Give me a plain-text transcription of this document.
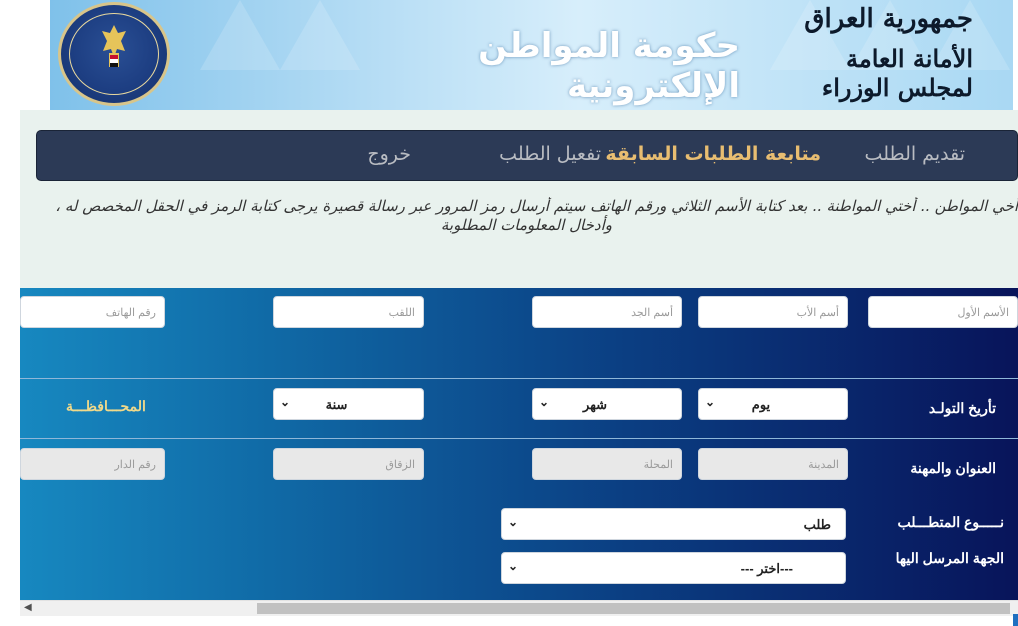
حكومة المواطن الإلكترونية
جمهورية العراق
الأمانة العامة لمجلس الوزراء
تقديم الطلب
متابعة الطلبات السابقة
تفعيل الطلب
خروج
أخي المواطن .. أختي المواطنة .. بعد كتابة الأسم الثلاثي ورقم الهاتف سيتم أرسال رمز المرور عبر رسالة قصيرة يرجى كتابة الرمز في الحقل المخصص له ،
وأدخال المعلومات المطلوبة
الأسم الأول
أسم الأب
أسم الجد
اللقب
رقم الهاتف
تأريخ التولـد
يوم
⌄
شهر
⌄
سنة
⌄
المحـــافظـــة
العنوان والمهنة
المدينة
المحلة
الزقاق
رقم الدار
نـــــوع المتطـــلب
طلب
⌄
الجهة المرسل اليها
---اختر ---
⌄
◀
